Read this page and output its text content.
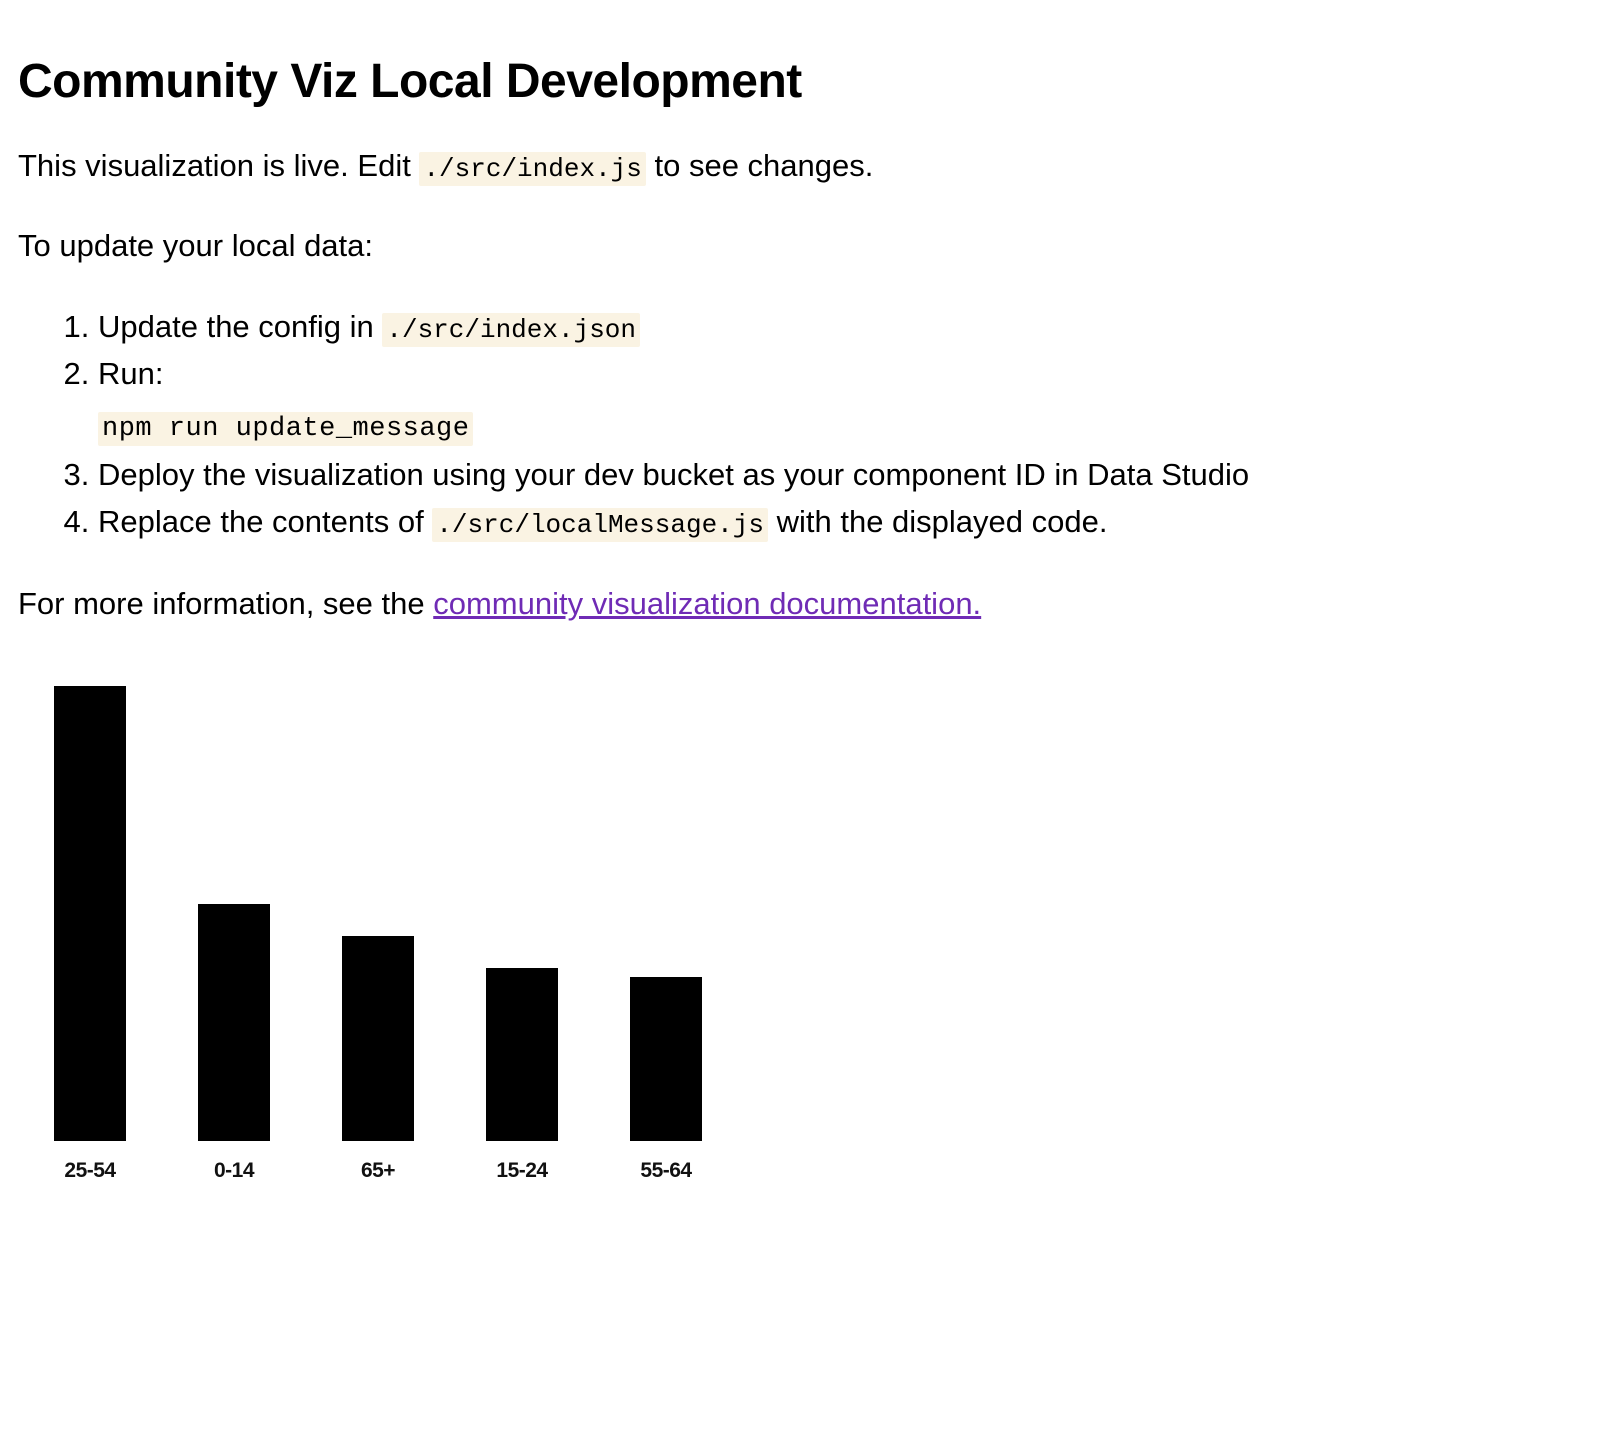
Community Viz Local Development

This visualization is live. Edit ./src/index.js to see changes.

To update your local data:

1. Update the config in ./src/index.json
2. Run:
npm run update_message
3. Deploy the visualization using your dev bucket as your component ID in Data Studio
4. Replace the contents of ./src/localMessage.js with the displayed code.

For more information, see the community visualization documentation.

25-54	0-14	65+	15-24	55-64
